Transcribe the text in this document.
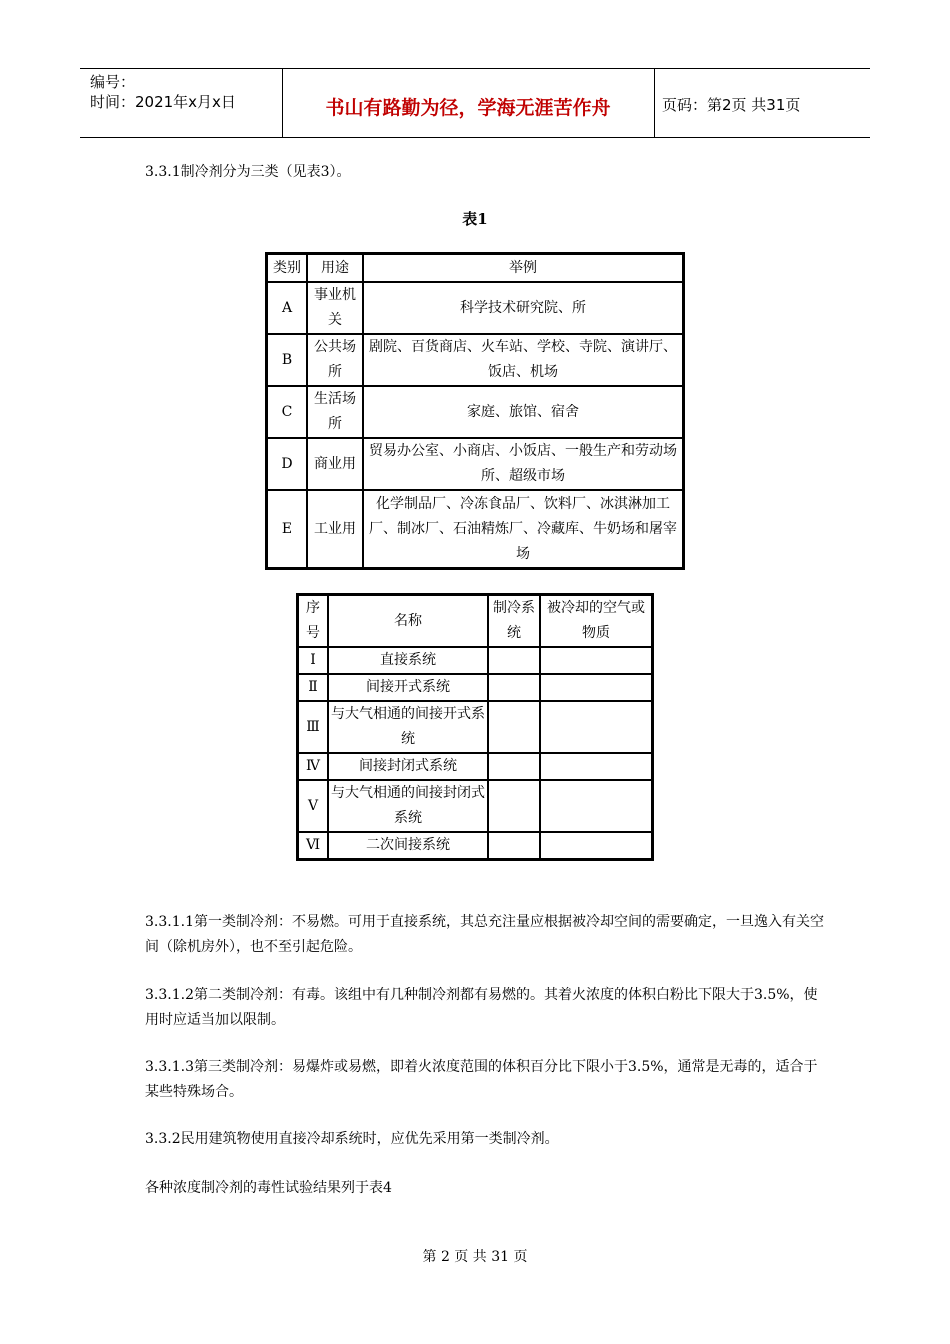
编号：
时间：2021年x月x日	书山有路勤为径，学海无涯苦作舟	页码：第2页 共31页
3.3.1制冷剂分为三类（见表3）。
表1
类别	用途	举例
A	事业机关	科学技术研究院、所
B	公共场所	剧院、百货商店、火车站、学校、寺院、演讲厅、饭店、机场
C	生活场所	家庭、旅馆、宿舍
D	商业用	贸易办公室、小商店、小饭店、一般生产和劳动场所、超级市场
E	工业用	化学制品厂、冷冻食品厂、饮料厂、冰淇淋加工厂、制冰厂、石油精炼厂、冷藏库、牛奶场和屠宰场
序号	名称	制冷系统	被冷却的空气或物质
Ⅰ	直接系统		
Ⅱ	间接开式系统		
Ⅲ	与大气相通的间接开式系统		
Ⅳ	间接封闭式系统		
Ⅴ	与大气相通的间接封闭式系统		
Ⅵ	二次间接系统		
3.3.1.1第一类制冷剂：不易燃。可用于直接系统，其总充注量应根据被冷却空间的需要确定，一旦逸入有关空间（除机房外），也不至引起危险。
3.3.1.2第二类制冷剂：有毒。该组中有几种制冷剂都有易燃的。其着火浓度的体积白粉比下限大于3.5%，使用时应适当加以限制。
3.3.1.3第三类制冷剂：易爆炸或易燃，即着火浓度范围的体积百分比下限小于3.5%，通常是无毒的，适合于某些特殊场合。
3.3.2民用建筑物使用直接冷却系统时，应优先采用第一类制冷剂。
各种浓度制冷剂的毒性试验结果列于表4
第 2 页 共 31 页
